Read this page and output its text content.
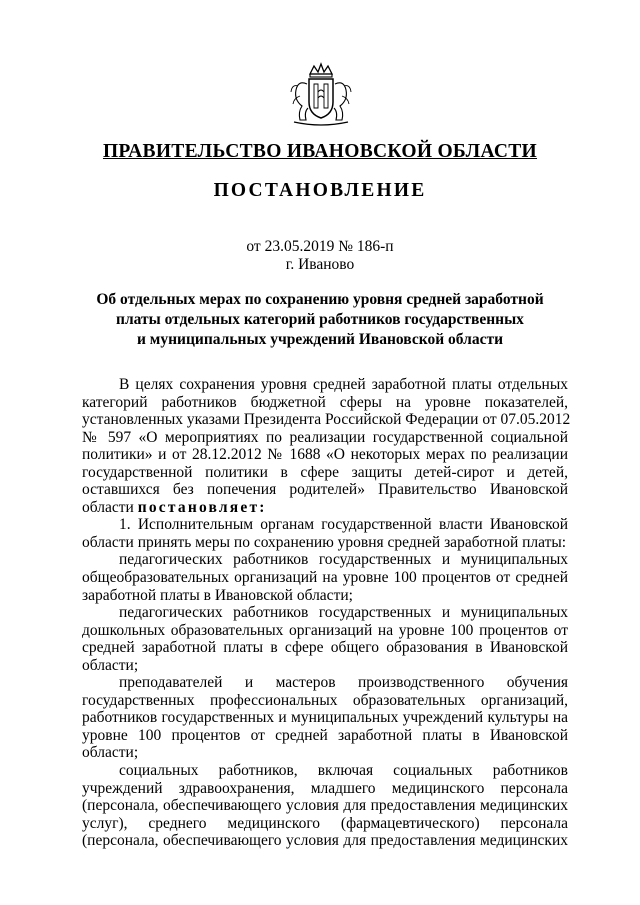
ПРАВИТЕЛЬСТВО ИВАНОВСКОЙ ОБЛАСТИ
ПОСТАНОВЛЕНИЕ
от 23.05.2019 № 186-п
г. Иваново
Об отдельных мерах по сохранению уровня средней заработной
платы отдельных категорий работников государственных
и муниципальных учреждений Ивановской области
В целях сохранения уровня средней заработной платы отдельных
категорий работников бюджетной сферы на уровне показателей,
установленных указами Президента Российской Федерации от 07.05.2012
№ 597 «О мероприятиях по реализации государственной социальной
политики» и от 28.12.2012 № 1688 «О некоторых мерах по реализации
государственной политики в сфере защиты детей-сирот и детей,
оставшихся без попечения родителей» Правительство Ивановской
области постановляет:
1. Исполнительным органам государственной власти Ивановской
области принять меры по сохранению уровня средней заработной платы:
педагогических работников государственных и муниципальных
общеобразовательных организаций на уровне 100 процентов от средней
заработной платы в Ивановской области;
педагогических работников государственных и муниципальных
дошкольных образовательных организаций на уровне 100 процентов от
средней заработной платы в сфере общего образования в Ивановской
области;
преподавателей и мастеров производственного обучения
государственных профессиональных образовательных организаций,
работников государственных и муниципальных учреждений культуры на
уровне 100 процентов от средней заработной платы в Ивановской
области;
социальных работников, включая социальных работников
учреждений здравоохранения, младшего медицинского персонала
(персонала, обеспечивающего условия для предоставления медицинских
услуг), среднего медицинского (фармацевтического) персонала
(персонала, обеспечивающего условия для предоставления медицинских
